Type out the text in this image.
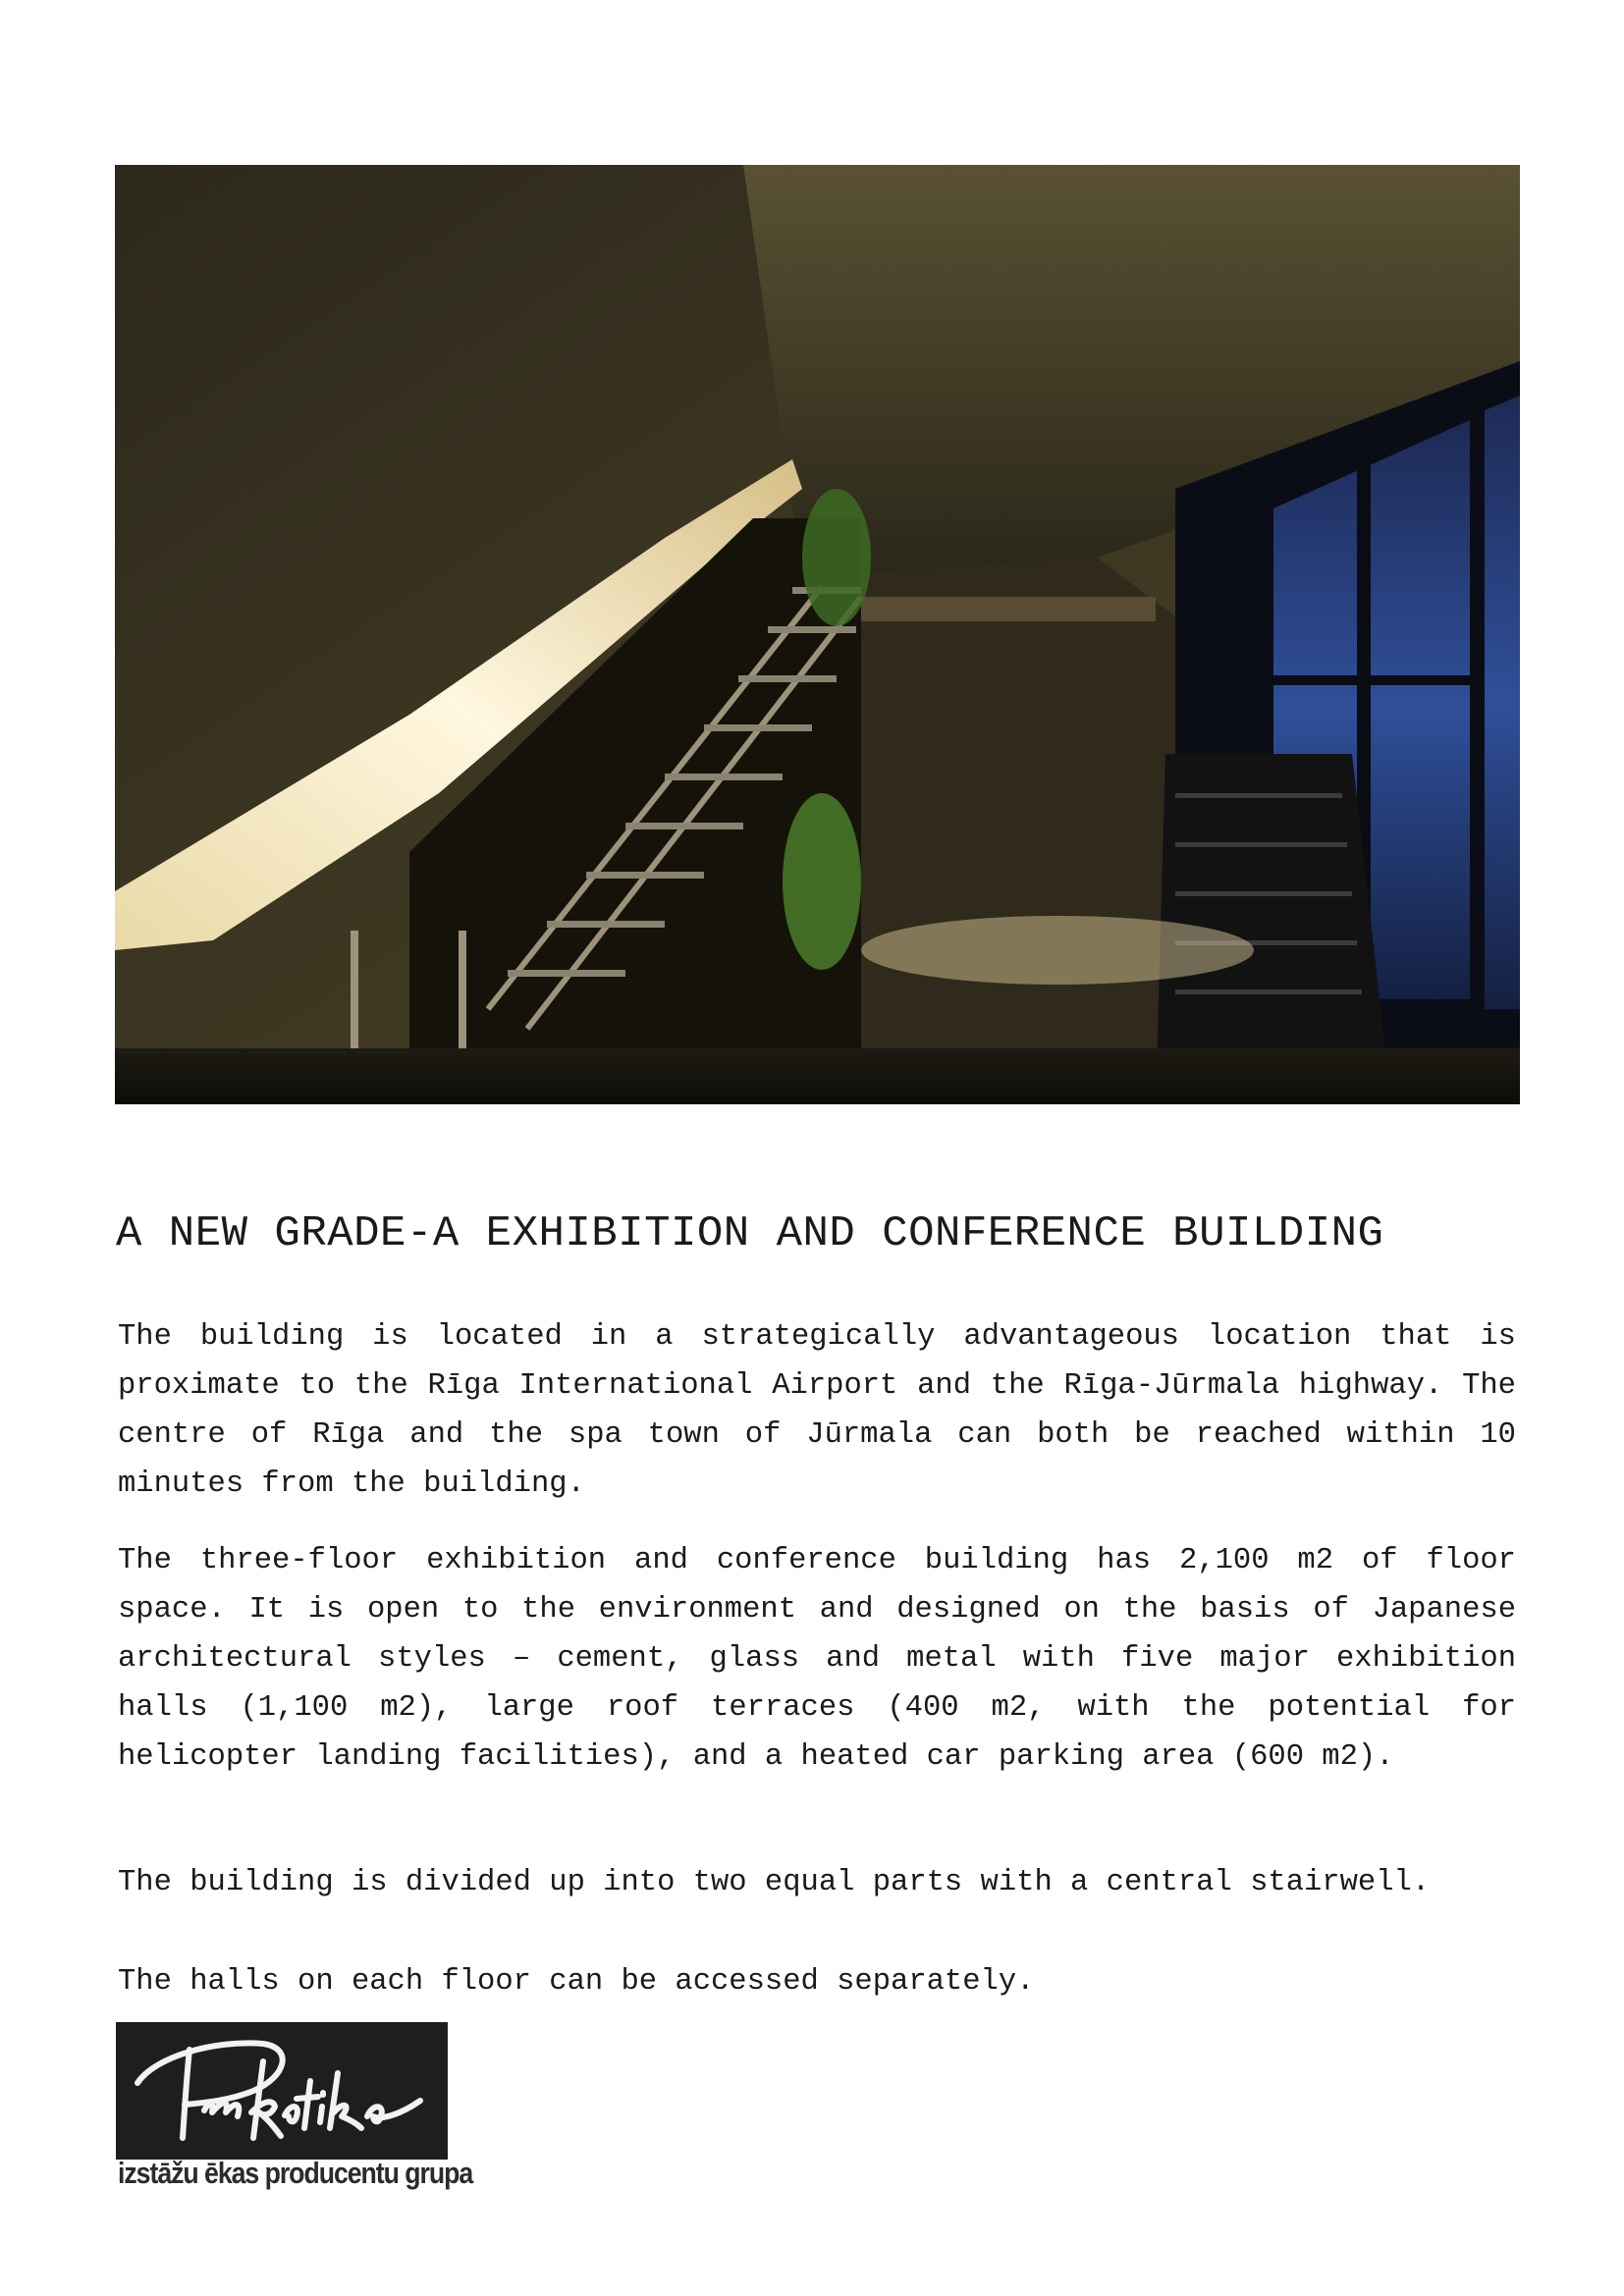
A NEW GRADE-A EXHIBITION AND CONFERENCE BUILDING

The building is located in a strategically advantageous location that is proximate to the Rīga International Airport and the Rīga-Jūrmala highway. The centre of Rīga and the spa town of Jūrmala can both be reached within 10 minutes from the building.

The three-floor exhibition and conference building has 2,100 m2 of floor space. It is open to the environment and designed on the basis of Japanese architectural styles – cement, glass and metal with five major exhibition halls (1,100 m2), large roof terraces (400 m2, with the potential for helicopter landing facilities), and a heated car parking area (600 m2).

The building is divided up into two equal parts with a central stairwell.

The halls on each floor can be accessed separately.

izstāžu ēkas producentu grupa
